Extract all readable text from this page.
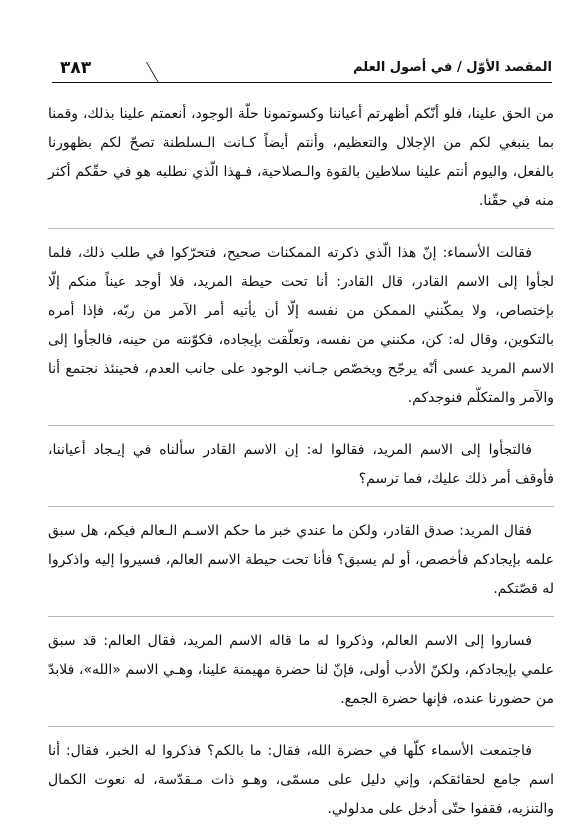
٣٨٣	المقصد الأوّل / في أصول العلم

من الحق علينا، فلو أنّكم أظهرتم أعياننا وكسوتمونا حلّة الوجود، أنعمتم علينا بذلك، وقمنا بما ينبغي لكم من الإجلال والتعظيم، وأنتم أيضاً كـانت الـسلطنة تصحّ لكم بظهورنا بالفعل، واليوم أنتم علينا سلاطين بالقوة والـصلاحية، فـهذا الّذي نطلبه هو في حقّكم أكثر منه في حقّنا.

فقالت الأسماء: إنّ هذا الّذي ذكرته الممكنات صحيح، فتحرّكوا في طلب ذلك، فلما لجأوا إلى الاسم القادر، قال القادر: أنا تحت حيطة المريد، فلا أوجد عيناً منكم إلّا بإختصاص، ولا يمكّنني الممكن من نفسه إلّا أن يأتيه أمر الآمر من ربّه، فإذا أمره بالتكوين، وقال له: كن، مكنني من نفسه، وتعلّقت بإيجاده، فكوّنته من حينه، فالجأوا إلى الاسم المريد عسى أنّه يرجّح ويخصّص جـانب الوجود على جانب العدم، فحينئذ نجتمع أنا والآمر والمتكلّم فنوجدكم.

فالتجأوا إلى الاسم المريد، فقالوا له: إن الاسم القادر سألناه في إيـجاد أعياننا، فأوقف أمر ذلك عليك، فما ترسم؟

فقال المريد: صدق القادر، ولكن ما عندي خبر ما حكم الاسـم الـعالم فيكم، هل سبق علمه بإيجادكم فأخصص، أو لم يسبق؟ فأنا تحت حيطة الاسم العالم، فسيروا إليه واذكروا له قصّتكم.

فساروا إلى الاسم العالم، وذكروا له ما قاله الاسم المريد، فقال العالم: قد سبق علمي بإيجادكم، ولكنّ الأدب أولى، فإنّ لنا حضرة مهيمنة علينا، وهـي الاسم «الله»، فلابدّ من حضورنا عنده، فإنها حضرة الجمع.

فاجتمعت الأسماء كلّها في حضرة الله، فقال: ما بالكم؟ فذكروا له الخبر، فقال: أنا اسم جامع لحقائقكم، وإني دليل على مسمّى، وهـو ذات مـقدّسة، له نعوت الكمال والتنزيه، فقفوا حتّى أدخل على مدلولي.
